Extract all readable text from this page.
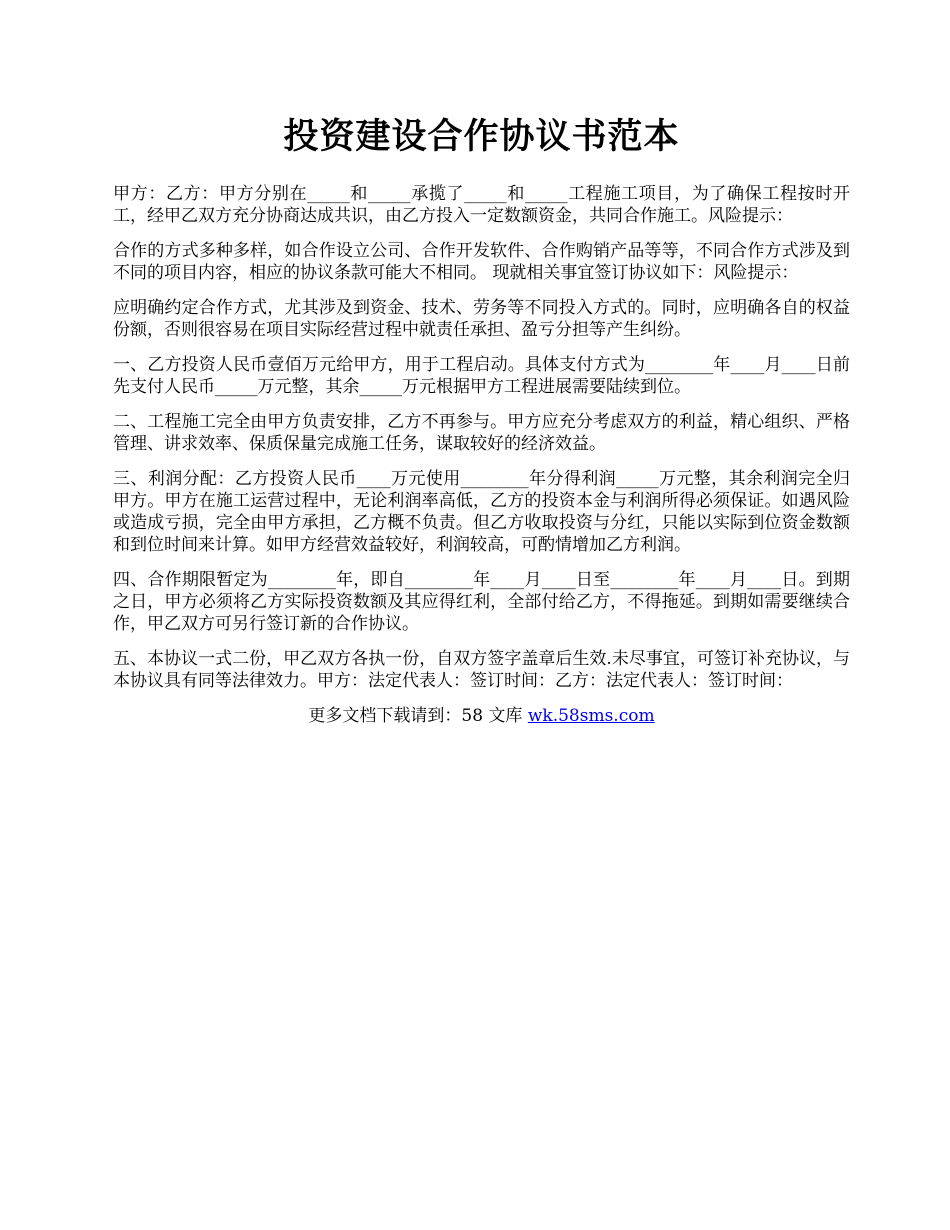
投资建设合作协议书范本

甲方：乙方：甲方分别在_____和_____承揽了_____和_____工程施工项目，为了确保工程按时开工，经甲乙双方充分协商达成共识，由乙方投入一定数额资金，共同合作施工。风险提示：

合作的方式多种多样，如合作设立公司、合作开发软件、合作购销产品等等，不同合作方式涉及到不同的项目内容，相应的协议条款可能大不相同。 现就相关事宜签订协议如下：风险提示：

应明确约定合作方式，尤其涉及到资金、技术、劳务等不同投入方式的。同时，应明确各自的权益份额，否则很容易在项目实际经营过程中就责任承担、盈亏分担等产生纠纷。

一、乙方投资人民币壹佰万元给甲方，用于工程启动。具体支付方式为________年____月____日前先支付人民币_____万元整，其余_____万元根据甲方工程进展需要陆续到位。

二、工程施工完全由甲方负责安排，乙方不再参与。甲方应充分考虑双方的利益，精心组织、严格管理、讲求效率、保质保量完成施工任务，谋取较好的经济效益。

三、利润分配：乙方投资人民币____万元使用________年分得利润_____万元整，其余利润完全归甲方。甲方在施工运营过程中，无论利润率高低，乙方的投资本金与利润所得必须保证。如遇风险或造成亏损，完全由甲方承担，乙方概不负责。但乙方收取投资与分红，只能以实际到位资金数额和到位时间来计算。如甲方经营效益较好，利润较高，可酌情增加乙方利润。

四、合作期限暂定为________年，即自________年____月____日至________年____月____日。到期之日，甲方必须将乙方实际投资数额及其应得红利，全部付给乙方，不得拖延。到期如需要继续合作，甲乙双方可另行签订新的合作协议。

五、本协议一式二份，甲乙双方各执一份，自双方签字盖章后生效.未尽事宜，可签订补充协议，与本协议具有同等法律效力。甲方：法定代表人：签订时间：乙方：法定代表人：签订时间：

更多文档下载请到：58 文库 wk.58sms.com
